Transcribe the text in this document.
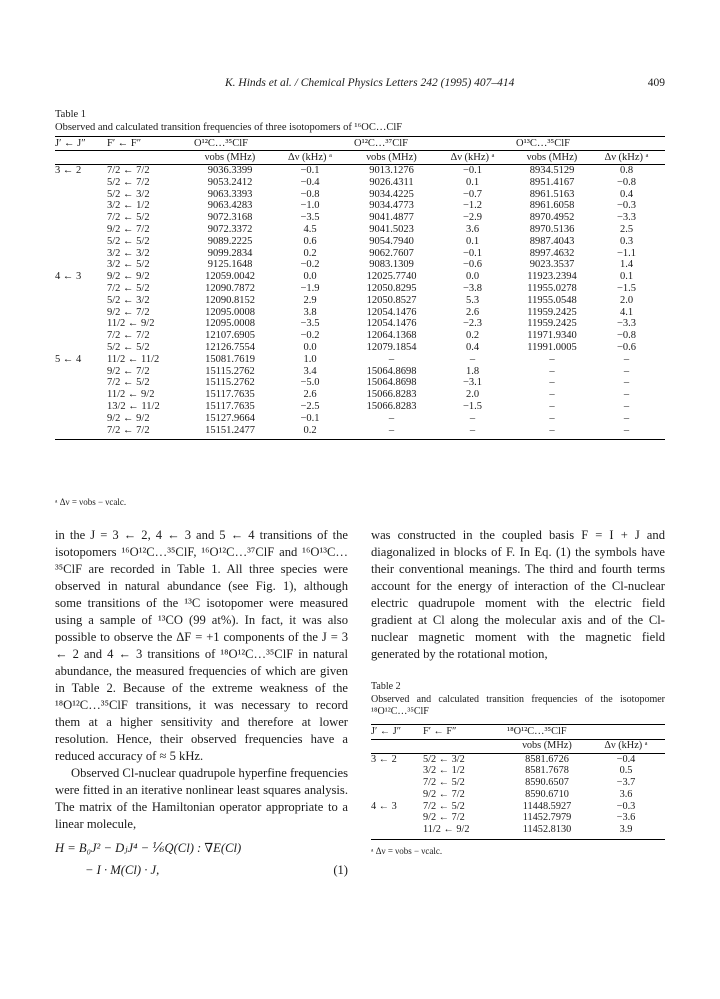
K. Hinds et al. / Chemical Physics Letters 242 (1995) 407–414	409
Table 1
Observed and calculated transition frequencies of three isotopomers of ¹⁶OC…ClF
J′ ← J″	F′ ← F″	O¹²C…³⁵ClF		O¹²C…³⁷ClF		O¹³C…³⁵ClF	
		νobs (MHz)	Δν (kHz) ᵃ	νobs (MHz)	Δν (kHz) ᵃ	νobs (MHz)	Δν (kHz) ᵃ
3 ← 2	7/2 ← 7/2	9036.3399	−0.1	9013.1276	−0.1	8934.5129	0.8
	5/2 ← 7/2	9053.2412	−0.4	9026.4311	0.1	8951.4167	−0.8
	5/2 ← 3/2	9063.3393	−0.8	9034.4225	−0.7	8961.5163	0.4
	3/2 ← 1/2	9063.4283	−1.0	9034.4773	−1.2	8961.6058	−0.3
	7/2 ← 5/2	9072.3168	−3.5	9041.4877	−2.9	8970.4952	−3.3
	9/2 ← 7/2	9072.3372	4.5	9041.5023	3.6	8970.5136	2.5
	5/2 ← 5/2	9089.2225	0.6	9054.7940	0.1	8987.4043	0.3
	3/2 ← 3/2	9099.2834	0.2	9062.7607	−0.1	8997.4632	−1.1
	3/2 ← 5/2	9125.1648	−0.2	9083.1309	−0.6	9023.3537	1.4
4 ← 3	9/2 ← 9/2	12059.0042	0.0	12025.7740	0.0	11923.2394	0.1
	7/2 ← 5/2	12090.7872	−1.9	12050.8295	−3.8	11955.0278	−1.5
	5/2 ← 3/2	12090.8152	2.9	12050.8527	5.3	11955.0548	2.0
	9/2 ← 7/2	12095.0008	3.8	12054.1476	2.6	11959.2425	4.1
	11/2 ← 9/2	12095.0008	−3.5	12054.1476	−2.3	11959.2425	−3.3
	7/2 ← 7/2	12107.6905	−0.2	12064.1368	0.2	11971.9340	−0.8
	5/2 ← 5/2	12126.7554	0.0	12079.1854	0.4	11991.0005	−0.6
5 ← 4	11/2 ← 11/2	15081.7619	1.0	–	–	–	–
	9/2 ← 7/2	15115.2762	3.4	15064.8698	1.8	–	–
	7/2 ← 5/2	15115.2762	−5.0	15064.8698	−3.1	–	–
	11/2 ← 9/2	15117.7635	2.6	15066.8283	2.0	–	–
	13/2 ← 11/2	15117.7635	−2.5	15066.8283	−1.5	–	–
	9/2 ← 9/2	15127.9664	−0.1	–	–	–	–
	7/2 ← 7/2	15151.2477	0.2	–	–	–	–
ᵃ Δν = νobs − νcalc.
in the J = 3 ← 2, 4 ← 3 and 5 ← 4 transitions of the isotopomers ¹⁶O¹²C…³⁵ClF, ¹⁶O¹²C…³⁷ClF and ¹⁶O¹³C…³⁵ClF are recorded in Table 1. All three species were observed in natural abundance (see Fig. 1), although some transitions of the ¹³C isotopomer were measured using a sample of ¹³CO (99 at%). In fact, it was also possible to observe the ΔF = +1 components of the J = 3 ← 2 and 4 ← 3 transitions of ¹⁸O¹²C…³⁵ClF in natural abundance, the measured frequencies of which are given in Table 2. Because of the extreme weakness of the ¹⁸O¹²C…³⁵ClF transitions, it was necessary to record them at a higher sensitivity and therefore at lower resolution. Hence, their observed frequencies have a reduced accuracy of ≈ 5 kHz.
Observed Cl-nuclear quadrupole hyperfine frequencies were fitted in an iterative nonlinear least squares analysis. The matrix of the Hamiltonian operator appropriate to a linear molecule,
H = B₀J² − DⱼJ⁴ − ⅙Q(Cl) : ∇E(Cl)
− I · M(Cl) · J,	(1)
was constructed in the coupled basis F = I + J and diagonalized in blocks of F. In Eq. (1) the symbols have their conventional meanings. The third and fourth terms account for the energy of interaction of the Cl-nuclear electric quadrupole moment with the electric field gradient at Cl along the molecular axis and of the Cl-nuclear magnetic moment with the magnetic field generated by the rotational motion,
Table 2
Observed and calculated transition frequencies of the isotopomer ¹⁸O¹²C…³⁵ClF
J′ ← J″	F′ ← F″	¹⁸O¹²C…³⁵ClF	
		νobs (MHz)	Δν (kHz) ᵃ
3 ← 2	5/2 ← 3/2	8581.6726	−0.4
	3/2 ← 1/2	8581.7678	0.5
	7/2 ← 5/2	8590.6507	−3.7
	9/2 ← 7/2	8590.6710	3.6
4 ← 3	7/2 ← 5/2	11448.5927	−0.3
	9/2 ← 7/2	11452.7979	−3.6
	11/2 ← 9/2	11452.8130	3.9
ᵃ Δν = νobs − νcalc.
